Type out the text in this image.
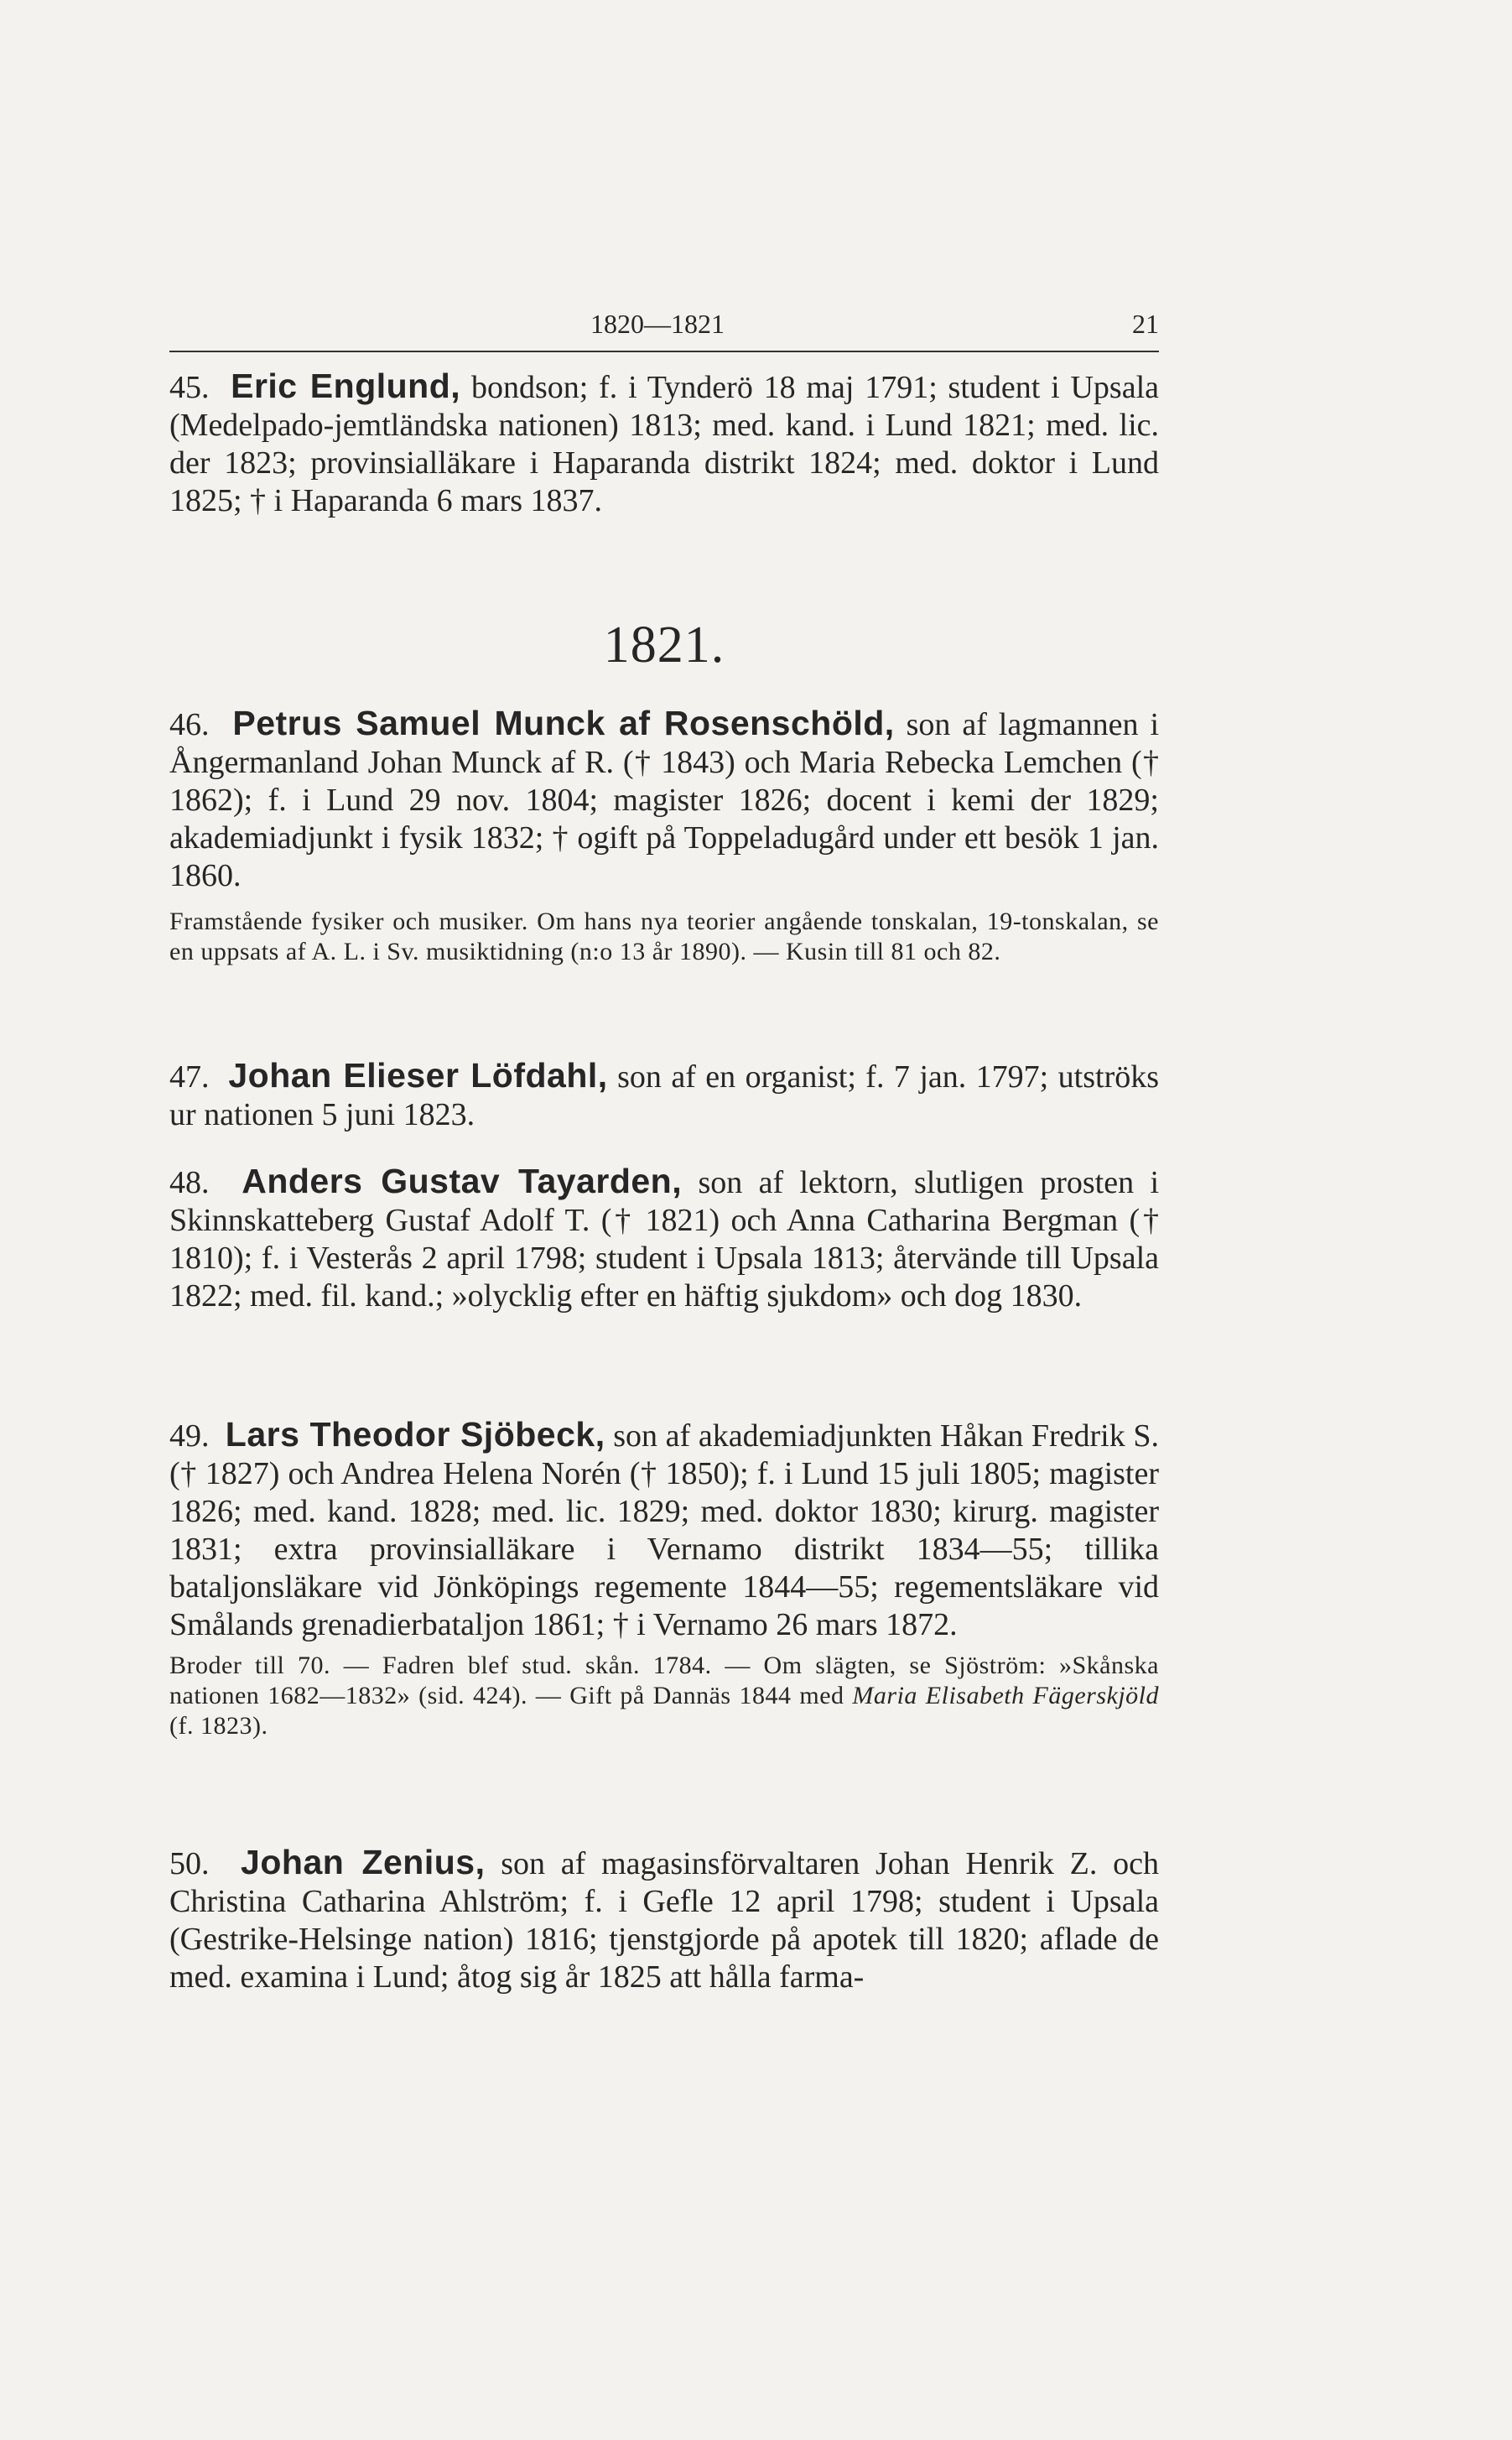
1820—1821	21

45. Eric Englund, bondson; f. i Tynderö 18 maj 1791; student i Upsala (Medelpado-jemtländska nationen) 1813; med. kand. i Lund 1821; med. lic. der 1823; provinsialläkare i Haparanda distrikt 1824; med. doktor i Lund 1825; † i Haparanda 6 mars 1837.

1821.

46. Petrus Samuel Munck af Rosenschöld, son af lagmannen i Ångermanland Johan Munck af R. († 1843) och Maria Rebecka Lemchen († 1862); f. i Lund 29 nov. 1804; magister 1826; docent i kemi der 1829; akademiadjunkt i fysik 1832; † ogift på Toppeladugård under ett besök 1 jan. 1860.

Framstående fysiker och musiker. Om hans nya teorier angående tonskalan, 19-tonskalan, se en uppsats af A. L. i Sv. musiktidning (n:o 13 år 1890). — Kusin till 81 och 82.

47. Johan Elieser Löfdahl, son af en organist; f. 7 jan. 1797; utströks ur nationen 5 juni 1823.

48. Anders Gustav Tayarden, son af lektorn, slutligen prosten i Skinnskatteberg Gustaf Adolf T. († 1821) och Anna Catharina Bergman († 1810); f. i Vesterås 2 april 1798; student i Upsala 1813; återvände till Upsala 1822; med. fil. kand.; »olycklig efter en häftig sjukdom» och dog 1830.

49. Lars Theodor Sjöbeck, son af akademiadjunkten Håkan Fredrik S. († 1827) och Andrea Helena Norén († 1850); f. i Lund 15 juli 1805; magister 1826; med. kand. 1828; med. lic. 1829; med. doktor 1830; kirurg. magister 1831; extra provinsialläkare i Vernamo distrikt 1834—55; tillika bataljonsläkare vid Jönköpings regemente 1844—55; regementsläkare vid Smålands grenadierbataljon 1861; † i Vernamo 26 mars 1872.

Broder till 70. — Fadren blef stud. skån. 1784. — Om slägten, se Sjöström: »Skånska nationen 1682—1832» (sid. 424). — Gift på Dannäs 1844 med Maria Elisabeth Fägerskjöld (f. 1823).

50. Johan Zenius, son af magasinsförvaltaren Johan Henrik Z. och Christina Catharina Ahlström; f. i Gefle 12 april 1798; student i Upsala (Gestrike-Helsinge nation) 1816; tjenstgjorde på apotek till 1820; aflade de med. examina i Lund; åtog sig år 1825 att hålla farma-
